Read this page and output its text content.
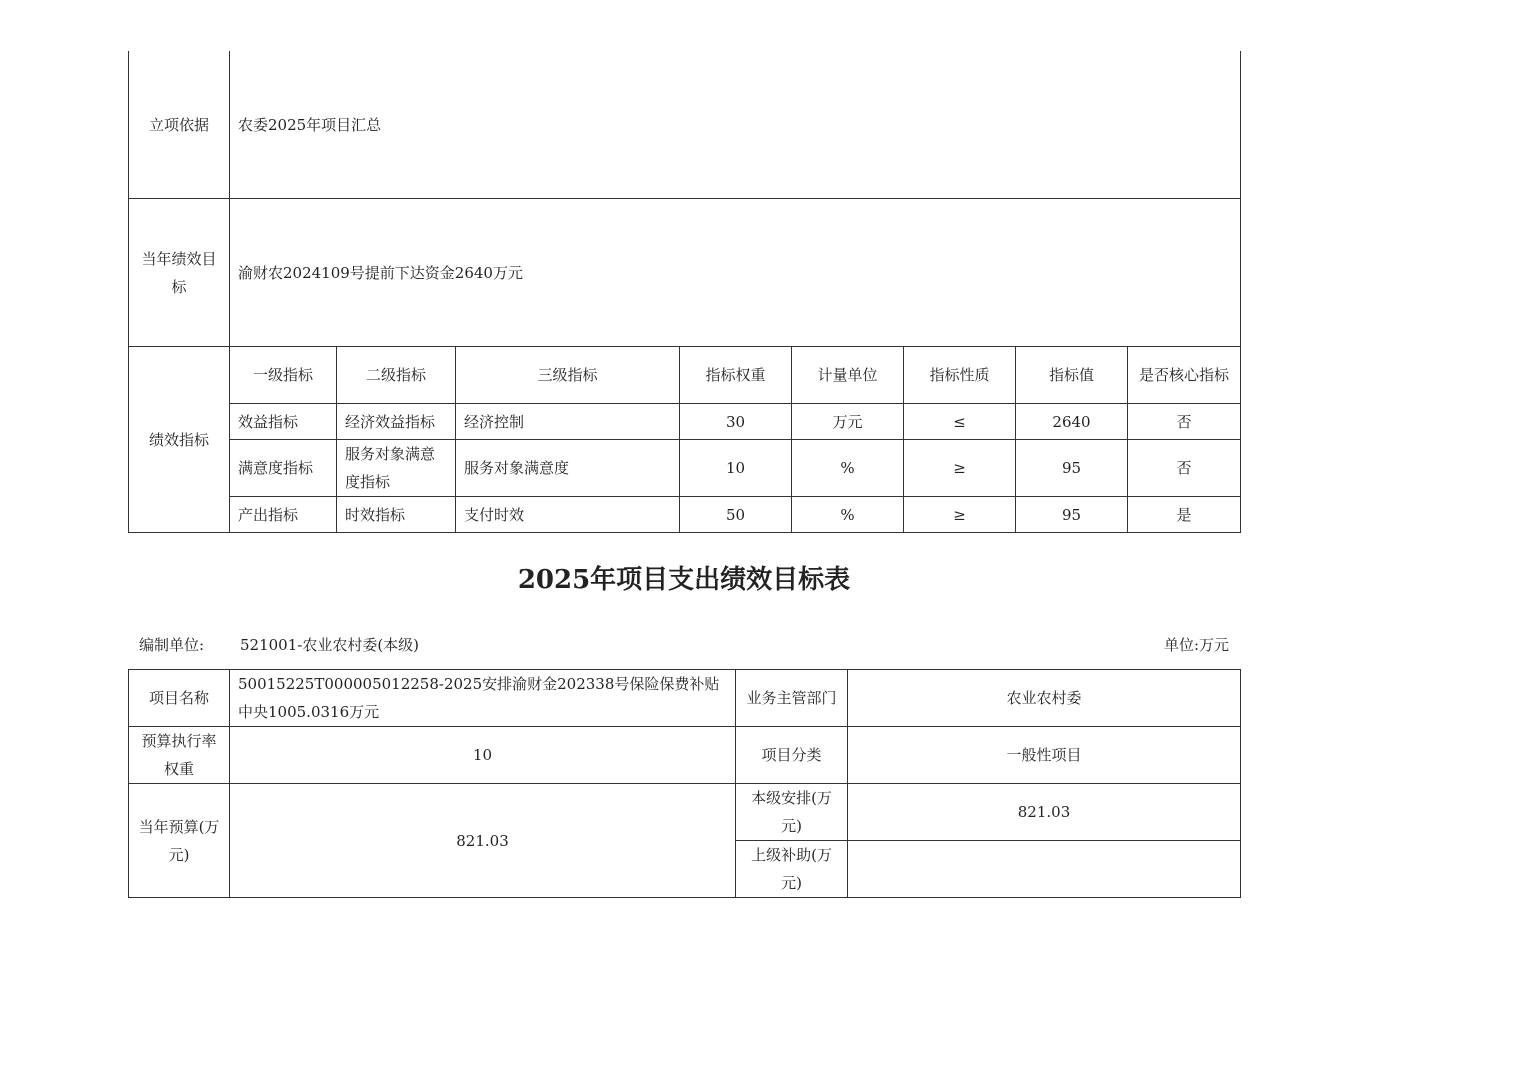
立项依据	农委2025年项目汇总							
当年绩效目标	渝财农2024109号提前下达资金2640万元							
绩效指标	一级指标	二级指标	三级指标	指标权重	计量单位	指标性质	指标值	是否核心指标
	效益指标	经济效益指标	经济控制	30	万元	≤	2640	否
	满意度指标	服务对象满意度指标	服务对象满意度	10	%	≥	95	否
	产出指标	时效指标	支付时效	50	%	≥	95	是
2025年项目支出绩效目标表
编制单位: 521001-农业农村委(本级)	单位:万元
项目名称	50015225T000005012258-2025安排渝财金202338号保险保费补贴中央1005.0316万元	业务主管部门	农业农村委
预算执行率权重	10	项目分类	一般性项目
当年预算(万元)	821.03	本级安排(万元)	821.03
		上级补助(万元)	
